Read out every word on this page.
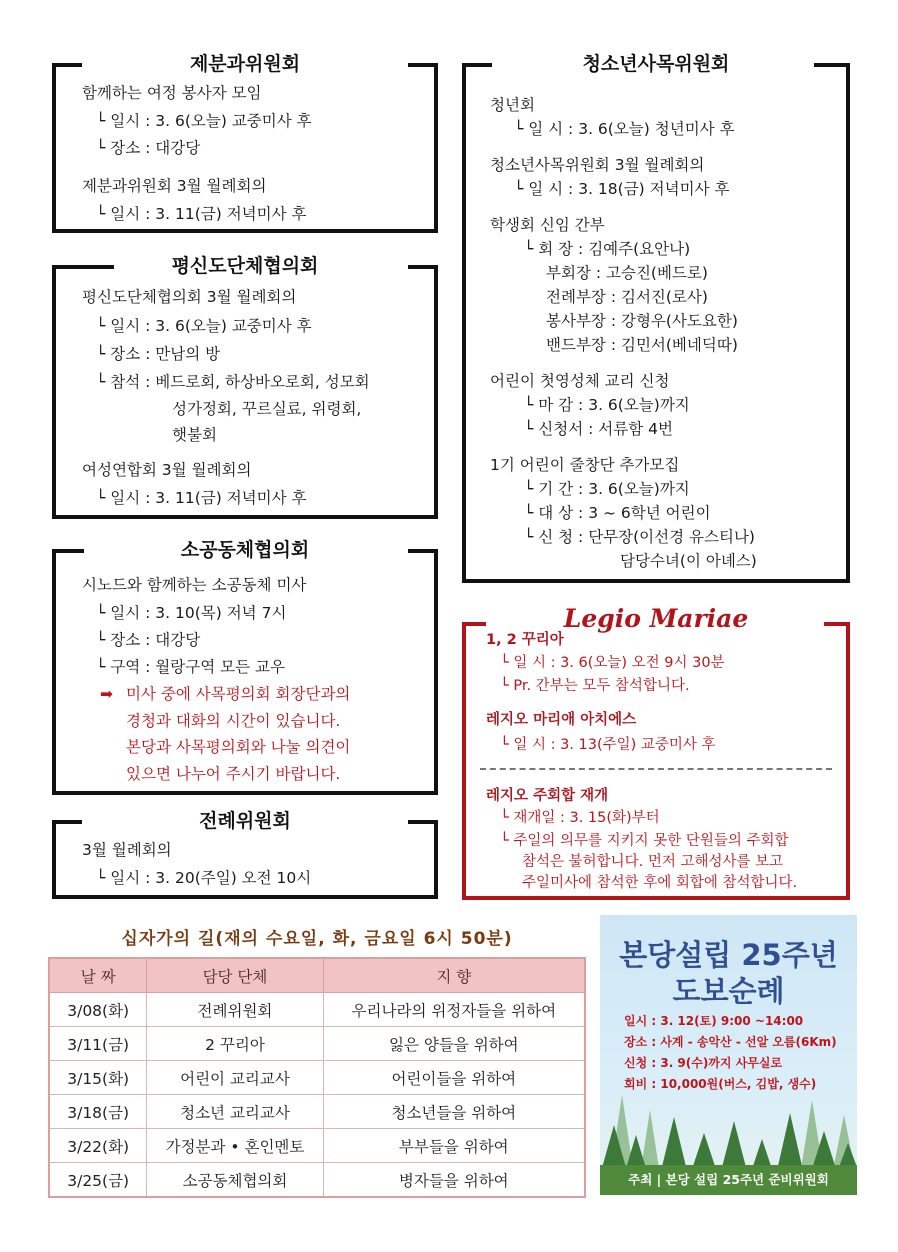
제분과위원회
함께하는 여정 봉사자 모임
└ 일시 : 3. 6(오늘) 교중미사 후
└ 장소 : 대강당
제분과위원회 3월 월례회의
└ 일시 : 3. 11(금) 저녁미사 후
평신도단체협의회
평신도단체협의회 3월 월례회의
└ 일시 : 3. 6(오늘) 교중미사 후
└ 장소 : 만남의 방
└ 참석 : 베드로회, 하상바오로회, 성모회
성가정회, 꾸르실료, 위령회,
햇불회
여성연합회 3월 월례회의
└ 일시 : 3. 11(금) 저녁미사 후
소공동체협의회
시노드와 함께하는 소공동체 미사
└ 일시 : 3. 10(목) 저녁 7시
└ 장소 : 대강당
└ 구역 : 월랑구역 모든 교우
➡ 미사 중에 사목평의회 회장단과의
경청과 대화의 시간이 있습니다.
본당과 사목평의회와 나눌 의견이
있으면 나누어 주시기 바랍니다.
전례위원회
3월 월례회의
└ 일시 : 3. 20(주일) 오전 10시
청소년사목위원회
청년회
└ 일 시 : 3. 6(오늘) 청년미사 후
청소년사목위원회 3월 월례회의
└ 일 시 : 3. 18(금) 저녁미사 후
학생회 신임 간부
└ 회 장 : 김예주(요안나)
부회장 : 고승진(베드로)
전례부장 : 김서진(로사)
봉사부장 : 강형우(사도요한)
밴드부장 : 김민서(베네딕따)
어린이 첫영성체 교리 신청
└ 마 감 : 3. 6(오늘)까지
└ 신청서 : 서류함 4번
1기 어린이 줄창단 추가모집
└ 기 간 : 3. 6(오늘)까지
└ 대 상 : 3 ~ 6학년 어린이
└ 신 청 : 단무장(이선경 유스티나)
담당수녀(이 아녜스)
Legio Mariae
1, 2 꾸리아
└ 일 시 : 3. 6(오늘) 오전 9시 30분
└ Pr. 간부는 모두 참석합니다.
레지오 마리애 아치에스
└ 일 시 : 3. 13(주일) 교중미사 후
레지오 주회합 재개
└ 재개일 : 3. 15(화)부터
└ 주일의 의무를 지키지 못한 단원들의 주회합
참석은 불허합니다. 먼저 고해성사를 보고
주일미사에 참석한 후에 회합에 참석합니다.
십자가의 길(재의 수요일, 화, 금요일 6시 50분)
날 짜	담당 단체	지 향
3/08(화)	전례위원회	우리나라의 위정자들을 위하여
3/11(금)	2 꾸리아	잃은 양들을 위하여
3/15(화)	어린이 교리교사	어린이들을 위하여
3/18(금)	청소년 교리교사	청소년들을 위하여
3/22(화)	가정분과 • 혼인멘토	부부들을 위하여
3/25(금)	소공동체협의회	병자들을 위하여
본당설립 25주년
도보순례
일시 : 3. 12(토) 9:00 ~14:00
장소 : 사계 - 송악산 - 선알 오름(6Km)
신청 : 3. 9(수)까지 사무실로
회비 : 10,000원(버스, 김밥, 생수)
주최 | 본당 설립 25주년 준비위원회
